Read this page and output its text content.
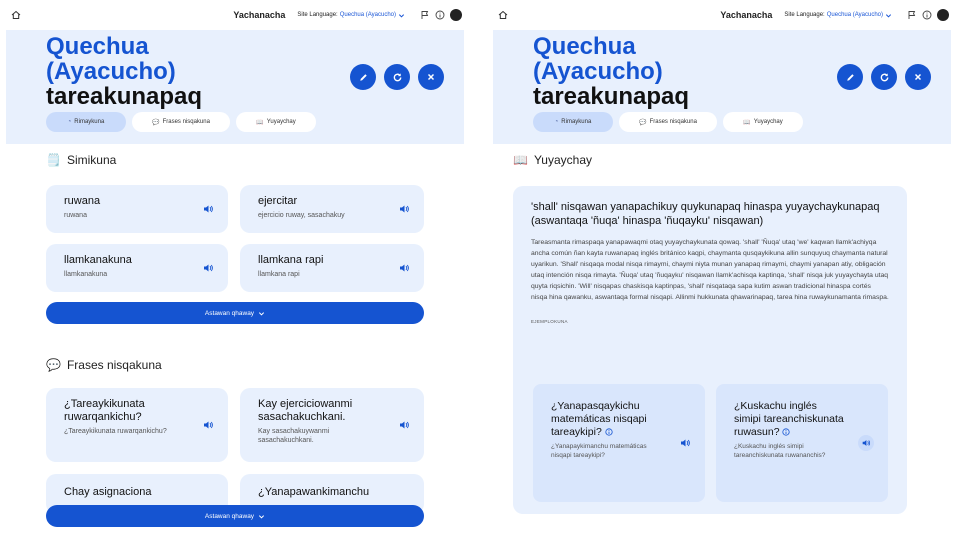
Yachanacha Site Language: Quechua (Ayacucho)
Quechua
(Ayacucho)
tareakunapaq
◔ Rimaykuna	💬 Frases nisqakuna	📖 Yuyaychay
🗒️ Simikuna
ruwana
ruwana
ejercitar
ejercicio ruway, sasachakuy
llamkanakuna
llamkanakuna
llamkana rapi
llamkana rapi
Astawan qhaway
💬 Frases nisqakuna
¿Tareaykikunata ruwarqankichu?
¿Tareaykikunata ruwarqankichu?
Kay ejerciciowanmi sasachakuchkani.
Kay sasachakuywanmi sasachakuchkani.
Chay asignaciona	¿Yanapawankimanchu
Astawan qhaway
Yachanacha Site Language: Quechua (Ayacucho)
Quechua
(Ayacucho)
tareakunapaq
◔ Rimaykuna	💬 Frases nisqakuna	📖 Yuyaychay
📖 Yuyaychay
'shall' nisqawan yanapachikuy quykunapaq hinaspa yuyaychaykunapaq (aswantaqa 'ñuqa' hinaspa 'ñuqayku' nisqawan)

Tareasmanta rimaspaqa yanapawaqmi otaq yuyaychaykunata qowaq. 'shall' 'Ñuqa' utaq 'we' kaqwan llamk'achiyqa ancha común ñan kayta ruwanapaq inglés británico kaqpi, chaymanta qusqaykikuna allin sunquyuq chaymanta natural uyarikun. 'Shall' nisqaqa modal nisqa rimaymi, chaymi niyta munan yanapaq rimaymi, chaymi yanapan atiy, obligación utaq intención nisqa rimayta. 'Ñuqa' utaq 'ñuqayku' nisqawan llamk'achisqa kaptinqa, 'shall' nisqa juk yuyaychayta utaq quyta riqsichin. 'Will' nisqapas chaskisqa kaptinpas, 'shall' nisqataqa sapa kutim aswan tradicional hinaspa cortés nisqa hina qawanku, aswantaqa formal nisqapi. Allinmi hukkunata qhawarinapaq, tarea hina ruwaykunamanta rimaspa.

EJEMPLOKUNA
¿Yanapasqaykichu matemáticas nisqapi tareaykipi?
¿Yanapaykimanchu matemáticas nisqapi tareaykipi?
¿Kuskachu inglés simipi tareanchiskunata ruwasun?
¿Kuskachu inglés simipi tareanchiskunata ruwananchis?
